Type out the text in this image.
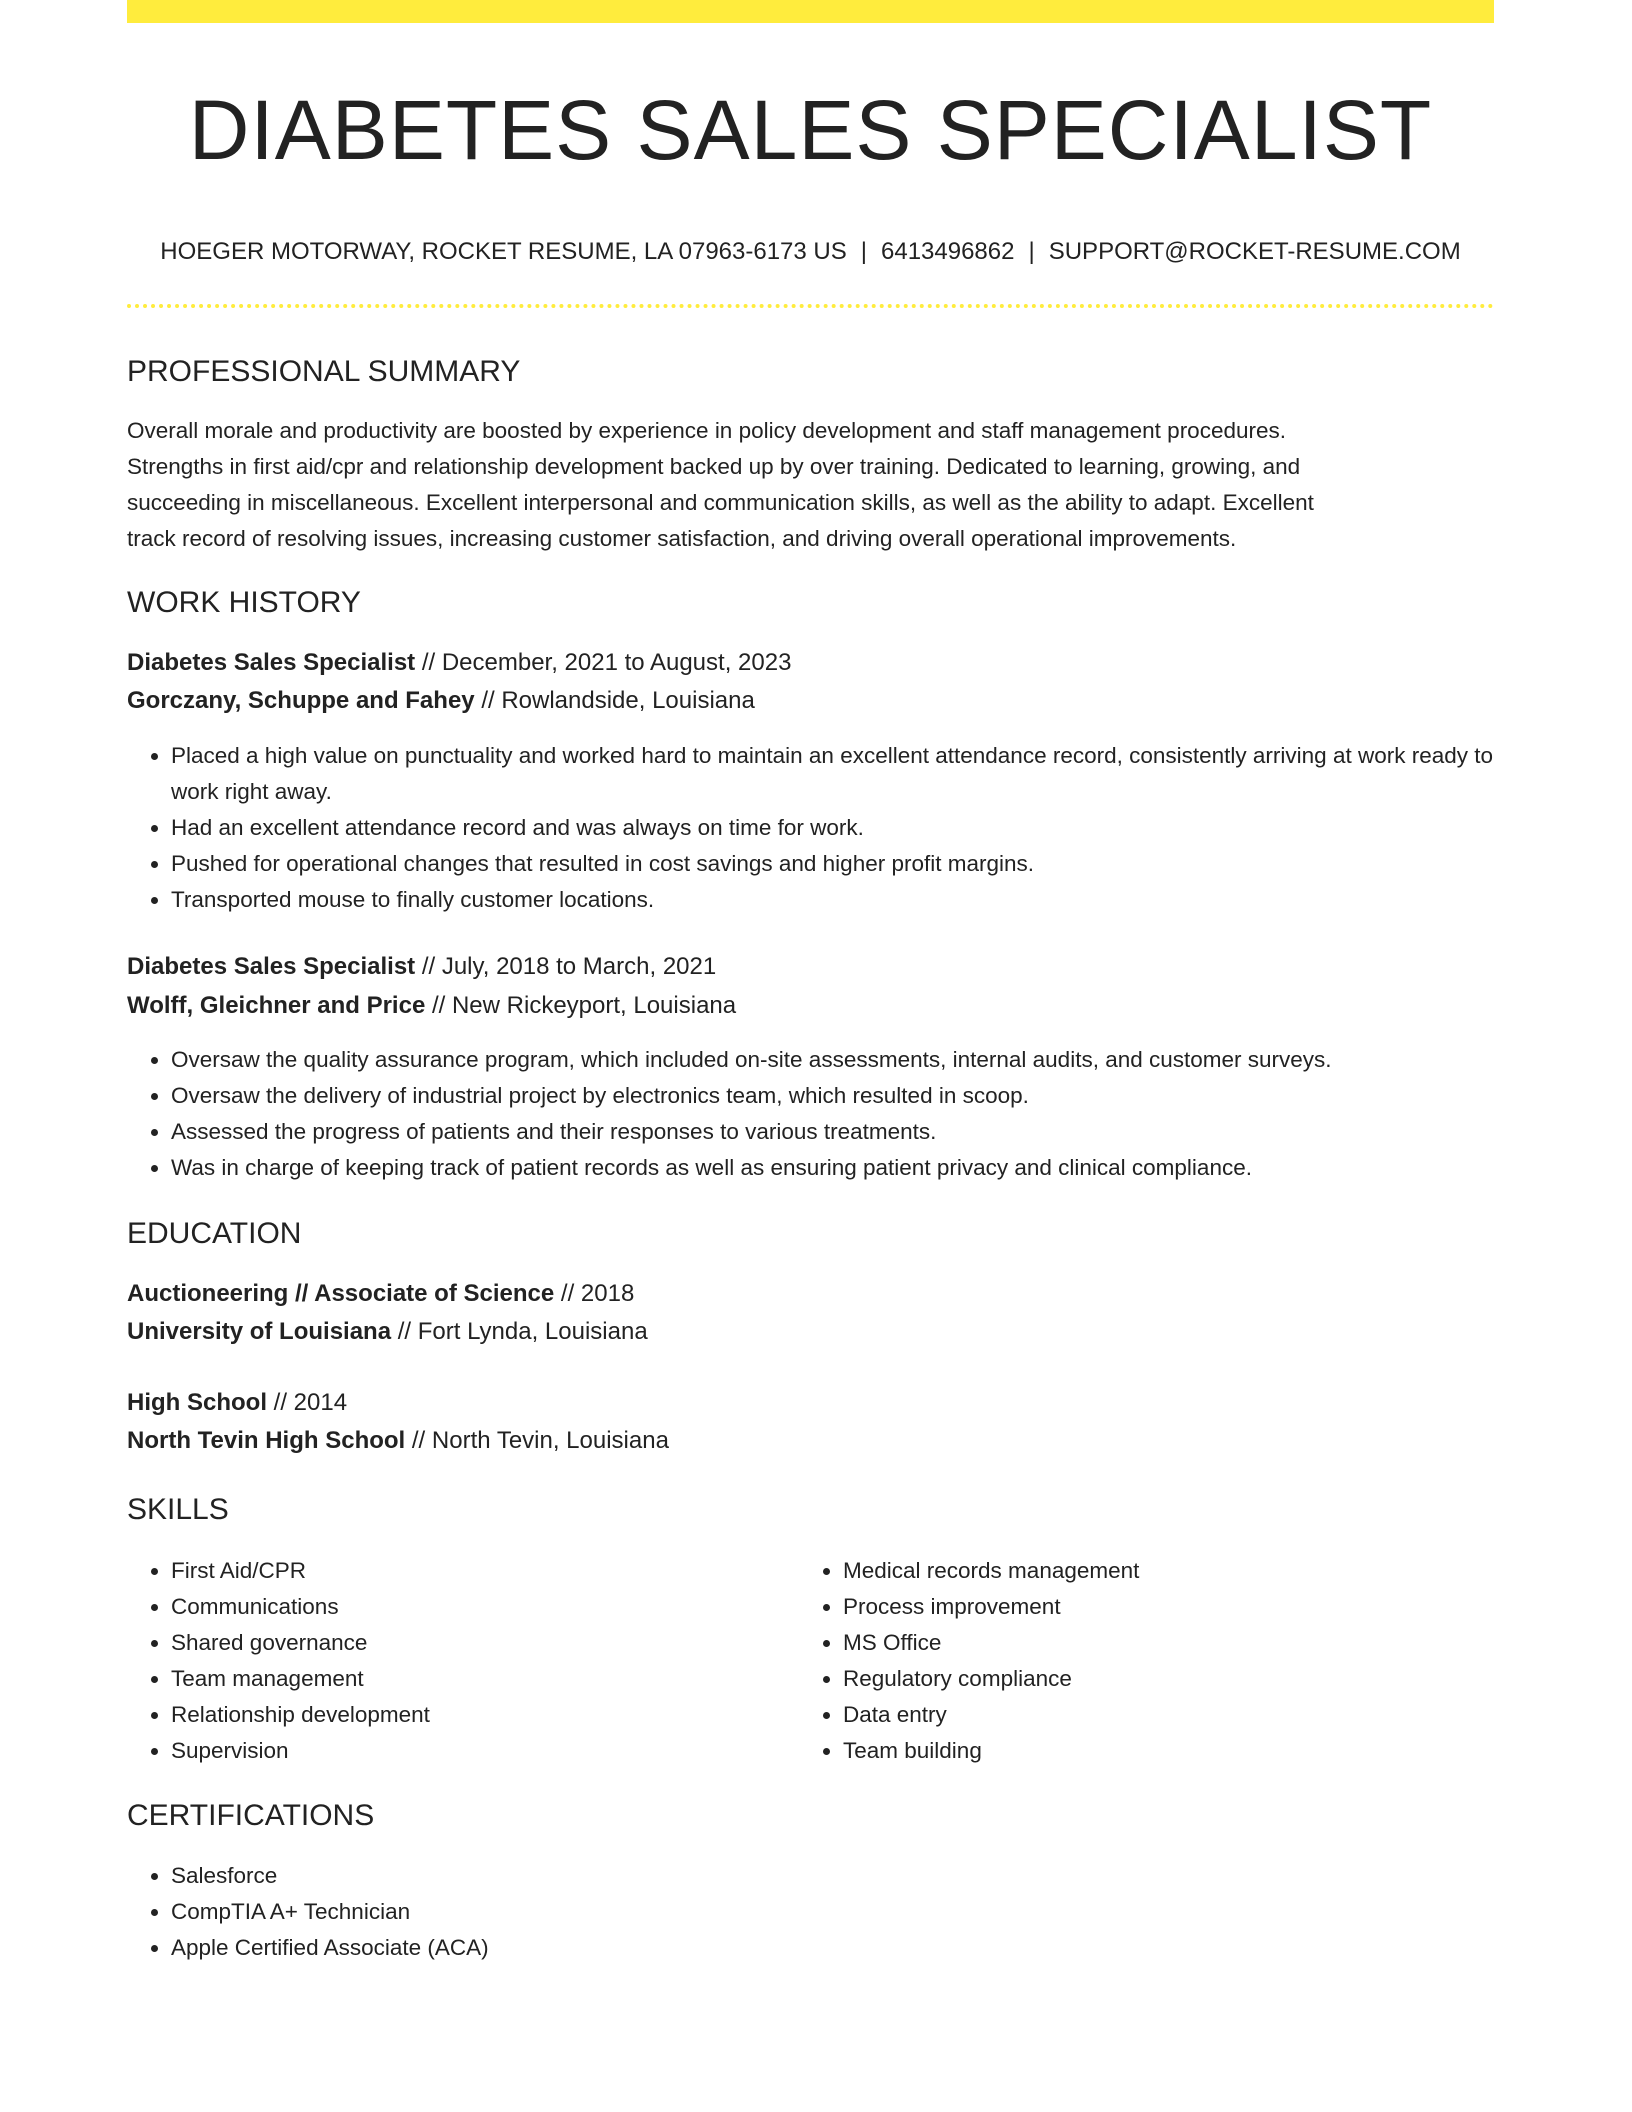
DIABETES SALES SPECIALIST
HOEGER MOTORWAY, ROCKET RESUME, LA 07963-6173 US | 6413496862 | SUPPORT@ROCKET-RESUME.COM
PROFESSIONAL SUMMARY
Overall morale and productivity are boosted by experience in policy development and staff management procedures.
Strengths in first aid/cpr and relationship development backed up by over training. Dedicated to learning, growing, and
succeeding in miscellaneous. Excellent interpersonal and communication skills, as well as the ability to adapt. Excellent
track record of resolving issues, increasing customer satisfaction, and driving overall operational improvements.
WORK HISTORY
Diabetes Sales Specialist // December, 2021 to August, 2023
Gorczany, Schuppe and Fahey // Rowlandside, Louisiana
• Placed a high value on punctuality and worked hard to maintain an excellent attendance record, consistently arriving at work ready to work right away.
• Had an excellent attendance record and was always on time for work.
• Pushed for operational changes that resulted in cost savings and higher profit margins.
• Transported mouse to finally customer locations.
Diabetes Sales Specialist // July, 2018 to March, 2021
Wolff, Gleichner and Price // New Rickeyport, Louisiana
• Oversaw the quality assurance program, which included on-site assessments, internal audits, and customer surveys.
• Oversaw the delivery of industrial project by electronics team, which resulted in scoop.
• Assessed the progress of patients and their responses to various treatments.
• Was in charge of keeping track of patient records as well as ensuring patient privacy and clinical compliance.
EDUCATION
Auctioneering // Associate of Science // 2018
University of Louisiana // Fort Lynda, Louisiana
High School // 2014
North Tevin High School // North Tevin, Louisiana
SKILLS
• First Aid/CPR
• Communications
• Shared governance
• Team management
• Relationship development
• Supervision
• Medical records management
• Process improvement
• MS Office
• Regulatory compliance
• Data entry
• Team building
CERTIFICATIONS
• Salesforce
• CompTIA A+ Technician
• Apple Certified Associate (ACA)
